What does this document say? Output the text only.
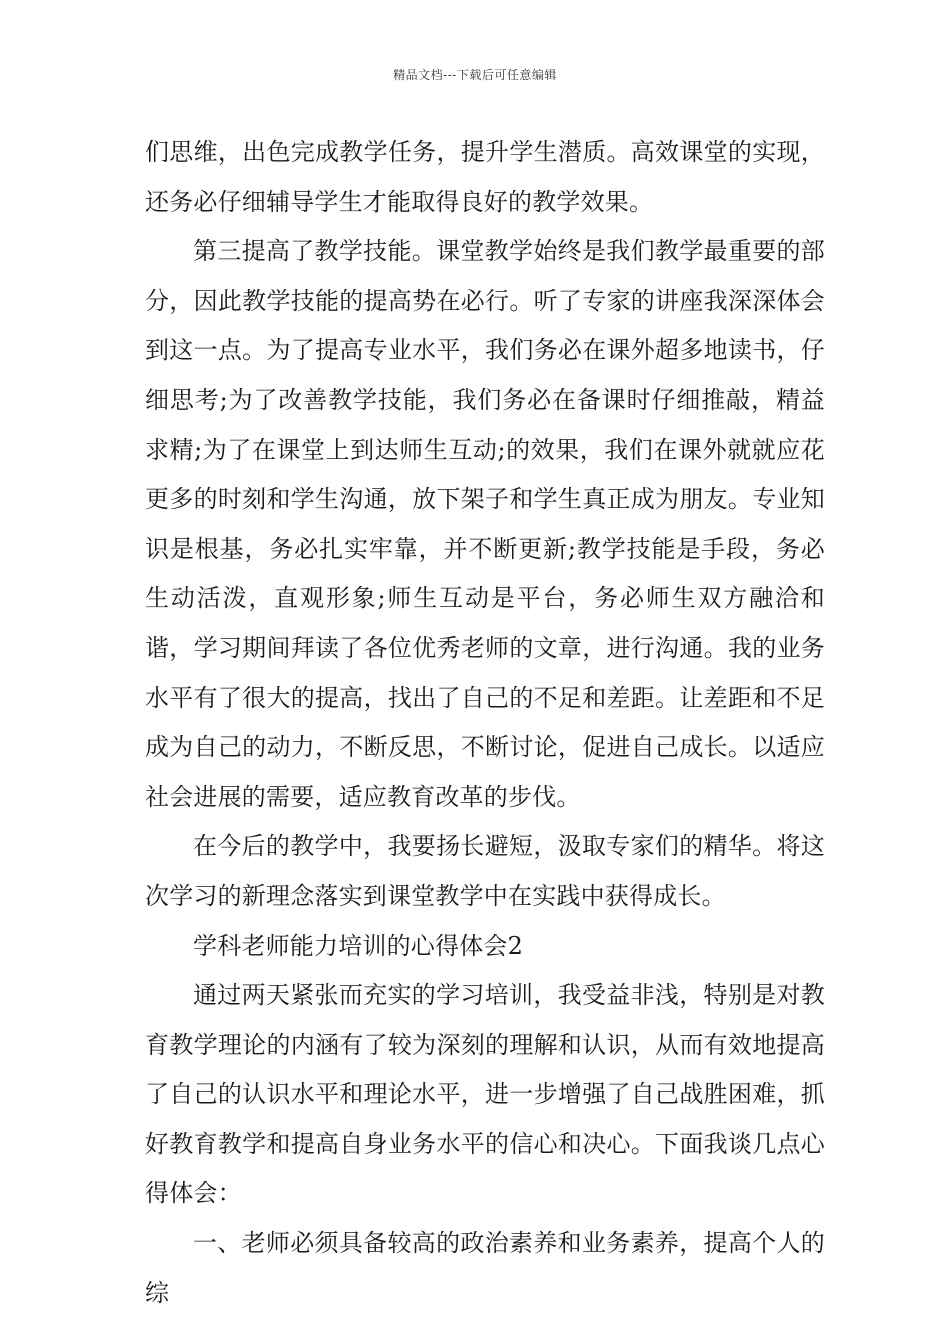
精品文档---下载后可任意编辑

们思维，出色完成教学任务，提升学生潜质。高效课堂的实现，还务必仔细辅导学生才能取得良好的教学效果。

第三提高了教学技能。课堂教学始终是我们教学最重要的部分，因此教学技能的提高势在必行。听了专家的讲座我深深体会到这一点。为了提高专业水平，我们务必在课外超多地读书，仔细思考;为了改善教学技能，我们务必在备课时仔细推敲，精益求精;为了在课堂上到达师生互动;的效果，我们在课外就就应花更多的时刻和学生沟通，放下架子和学生真正成为朋友。专业知识是根基，务必扎实牢靠，并不断更新;教学技能是手段，务必生动活泼，直观形象;师生互动是平台，务必师生双方融洽和谐，学习期间拜读了各位优秀老师的文章，进行沟通。我的业务水平有了很大的提高，找出了自己的不足和差距。让差距和不足成为自己的动力，不断反思，不断讨论，促进自己成长。以适应社会进展的需要，适应教育改革的步伐。

在今后的教学中，我要扬长避短，汲取专家们的精华。将这次学习的新理念落实到课堂教学中在实践中获得成长。

学科老师能力培训的心得体会2

通过两天紧张而充实的学习培训，我受益非浅，特别是对教育教学理论的内涵有了较为深刻的理解和认识，从而有效地提高了自己的认识水平和理论水平，进一步增强了自己战胜困难，抓好教育教学和提高自身业务水平的信心和决心。下面我谈几点心得体会：

一、老师必须具备较高的政治素养和业务素养，提高个人的综
